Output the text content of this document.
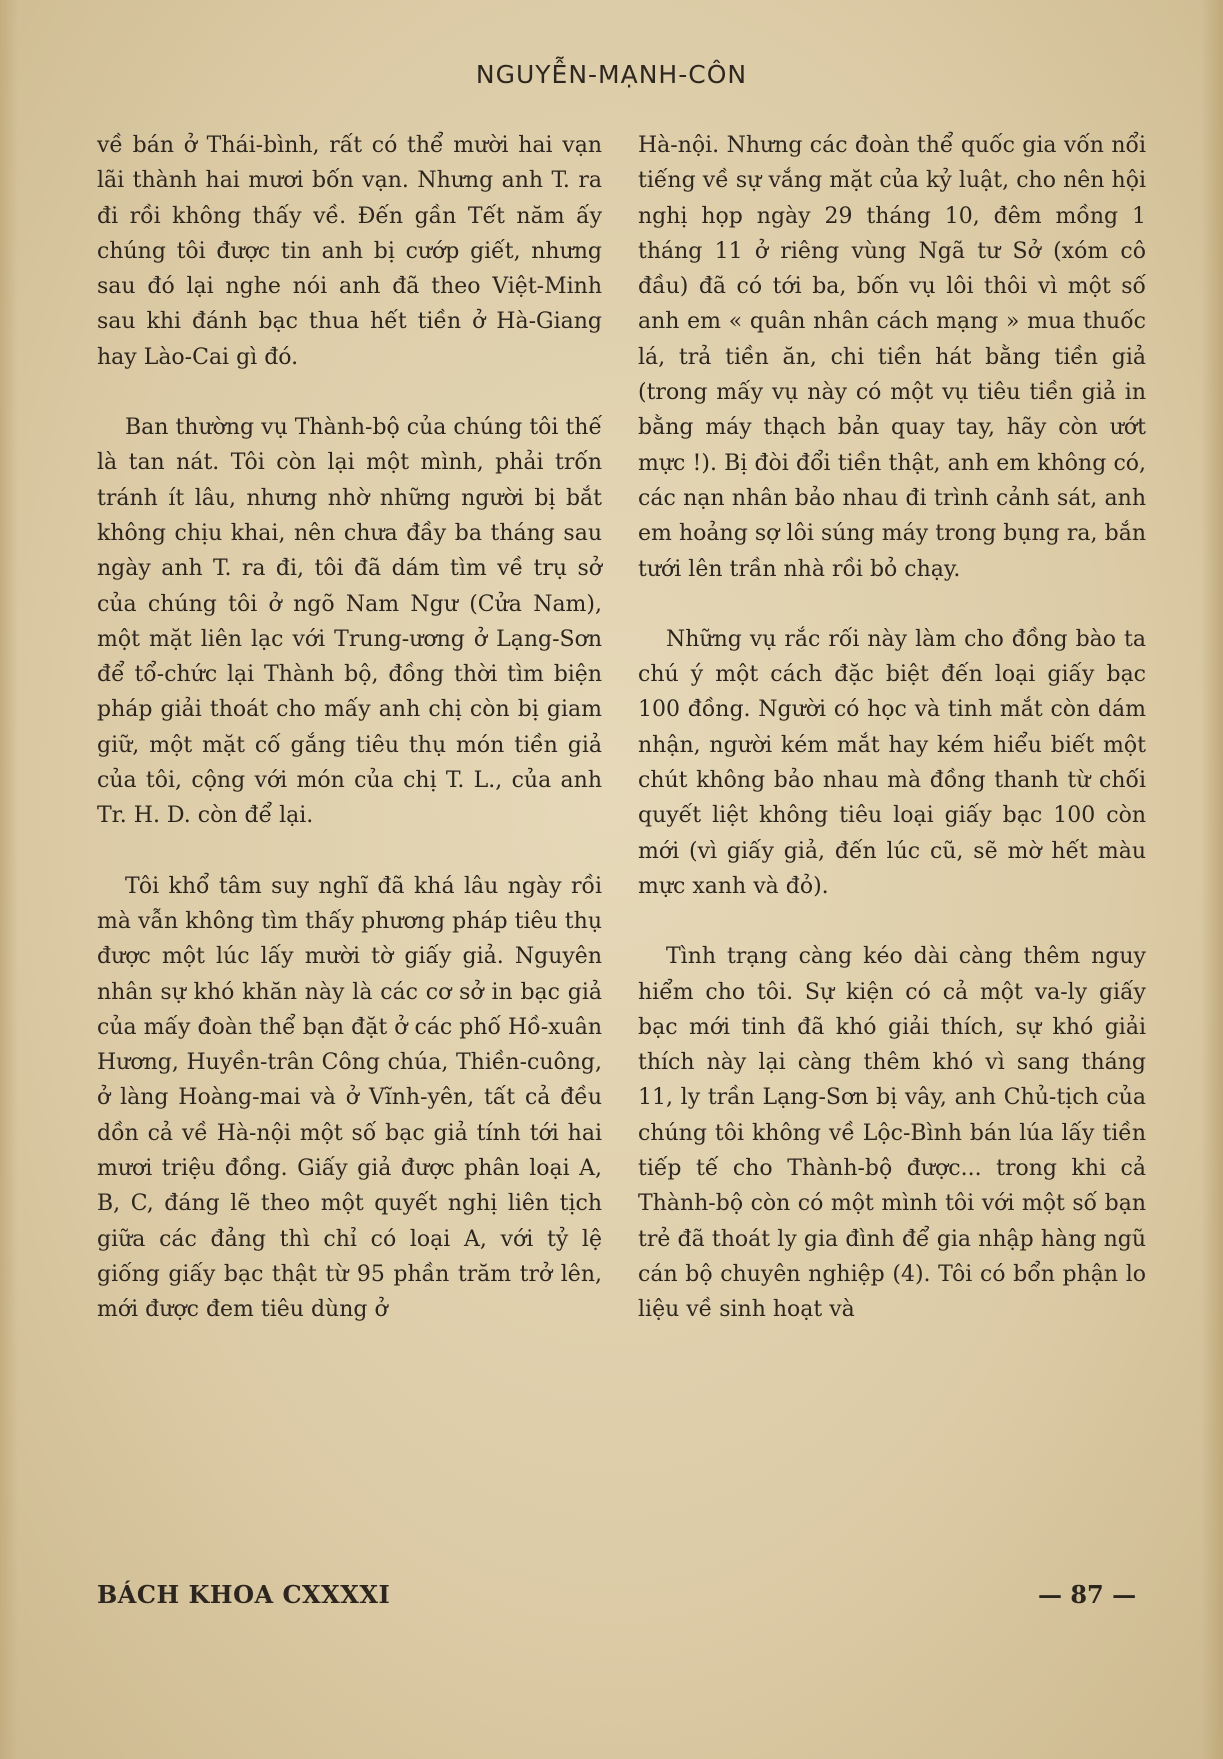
NGUYỄN-MẠNH-CÔN

về bán ở Thái-bình, rất có thể mười hai vạn lãi thành hai mươi bốn vạn. Nhưng anh T. ra đi rồi không thấy về. Đến gần Tết năm ấy chúng tôi được tin anh bị cướp giết, nhưng sau đó lại nghe nói anh đã theo Việt-Minh sau khi đánh bạc thua hết tiền ở Hà-Giang hay Lào-Cai gì đó.

Ban thường vụ Thành-bộ của chúng tôi thế là tan nát. Tôi còn lại một mình, phải trốn tránh ít lâu, nhưng nhờ những người bị bắt không chịu khai, nên chưa đầy ba tháng sau ngày anh T. ra đi, tôi đã dám tìm về trụ sở của chúng tôi ở ngõ Nam Ngư (Cửa Nam), một mặt liên lạc với Trung-ương ở Lạng-Sơn để tổ-chức lại Thành bộ, đồng thời tìm biện pháp giải thoát cho mấy anh chị còn bị giam giữ, một mặt cố gắng tiêu thụ món tiền giả của tôi, cộng với món của chị T. L., của anh Tr. H. D. còn để lại.

Tôi khổ tâm suy nghĩ đã khá lâu ngày rồi mà vẫn không tìm thấy phương pháp tiêu thụ được một lúc lấy mười tờ giấy giả. Nguyên nhân sự khó khăn này là các cơ sở in bạc giả của mấy đoàn thể bạn đặt ở các phố Hồ-xuân Hương, Huyền-trân Công chúa, Thiền-cuông, ở làng Hoàng-mai và ở Vĩnh-yên, tất cả đều dồn cả về Hà-nội một số bạc giả tính tới hai mươi triệu đồng. Giấy giả được phân loại A, B, C, đáng lẽ theo một quyết nghị liên tịch giữa các đảng thì chỉ có loại A, với tỷ lệ giống giấy bạc thật từ 95 phần trăm trở lên, mới được đem tiêu dùng ở

Hà-nội. Nhưng các đoàn thể quốc gia vốn nổi tiếng về sự vắng mặt của kỷ luật, cho nên hội nghị họp ngày 29 tháng 10, đêm mồng 1 tháng 11 ở riêng vùng Ngã tư Sở (xóm cô đầu) đã có tới ba, bốn vụ lôi thôi vì một số anh em « quân nhân cách mạng » mua thuốc lá, trả tiền ăn, chi tiền hát bằng tiền giả (trong mấy vụ này có một vụ tiêu tiền giả in bằng máy thạch bản quay tay, hãy còn ướt mực !). Bị đòi đổi tiền thật, anh em không có, các nạn nhân bảo nhau đi trình cảnh sát, anh em hoảng sợ lôi súng máy trong bụng ra, bắn tưới lên trần nhà rồi bỏ chạy.

Những vụ rắc rối này làm cho đồng bào ta chú ý một cách đặc biệt đến loại giấy bạc 100 đồng. Người có học và tinh mắt còn dám nhận, người kém mắt hay kém hiểu biết một chút không bảo nhau mà đồng thanh từ chối quyết liệt không tiêu loại giấy bạc 100 còn mới (vì giấy giả, đến lúc cũ, sẽ mờ hết màu mực xanh và đỏ).

Tình trạng càng kéo dài càng thêm nguy hiểm cho tôi. Sự kiện có cả một va-ly giấy bạc mới tinh đã khó giải thích, sự khó giải thích này lại càng thêm khó vì sang tháng 11, ly trần Lạng-Sơn bị vây, anh Chủ-tịch của chúng tôi không về Lộc-Bình bán lúa lấy tiền tiếp tế cho Thành-bộ được... trong khi cả Thành-bộ còn có một mình tôi với một số bạn trẻ đã thoát ly gia đình để gia nhập hàng ngũ cán bộ chuyên nghiệp (4). Tôi có bổn phận lo liệu về sinh hoạt và

BÁCH KHOA CXXXXI	— 87 —
